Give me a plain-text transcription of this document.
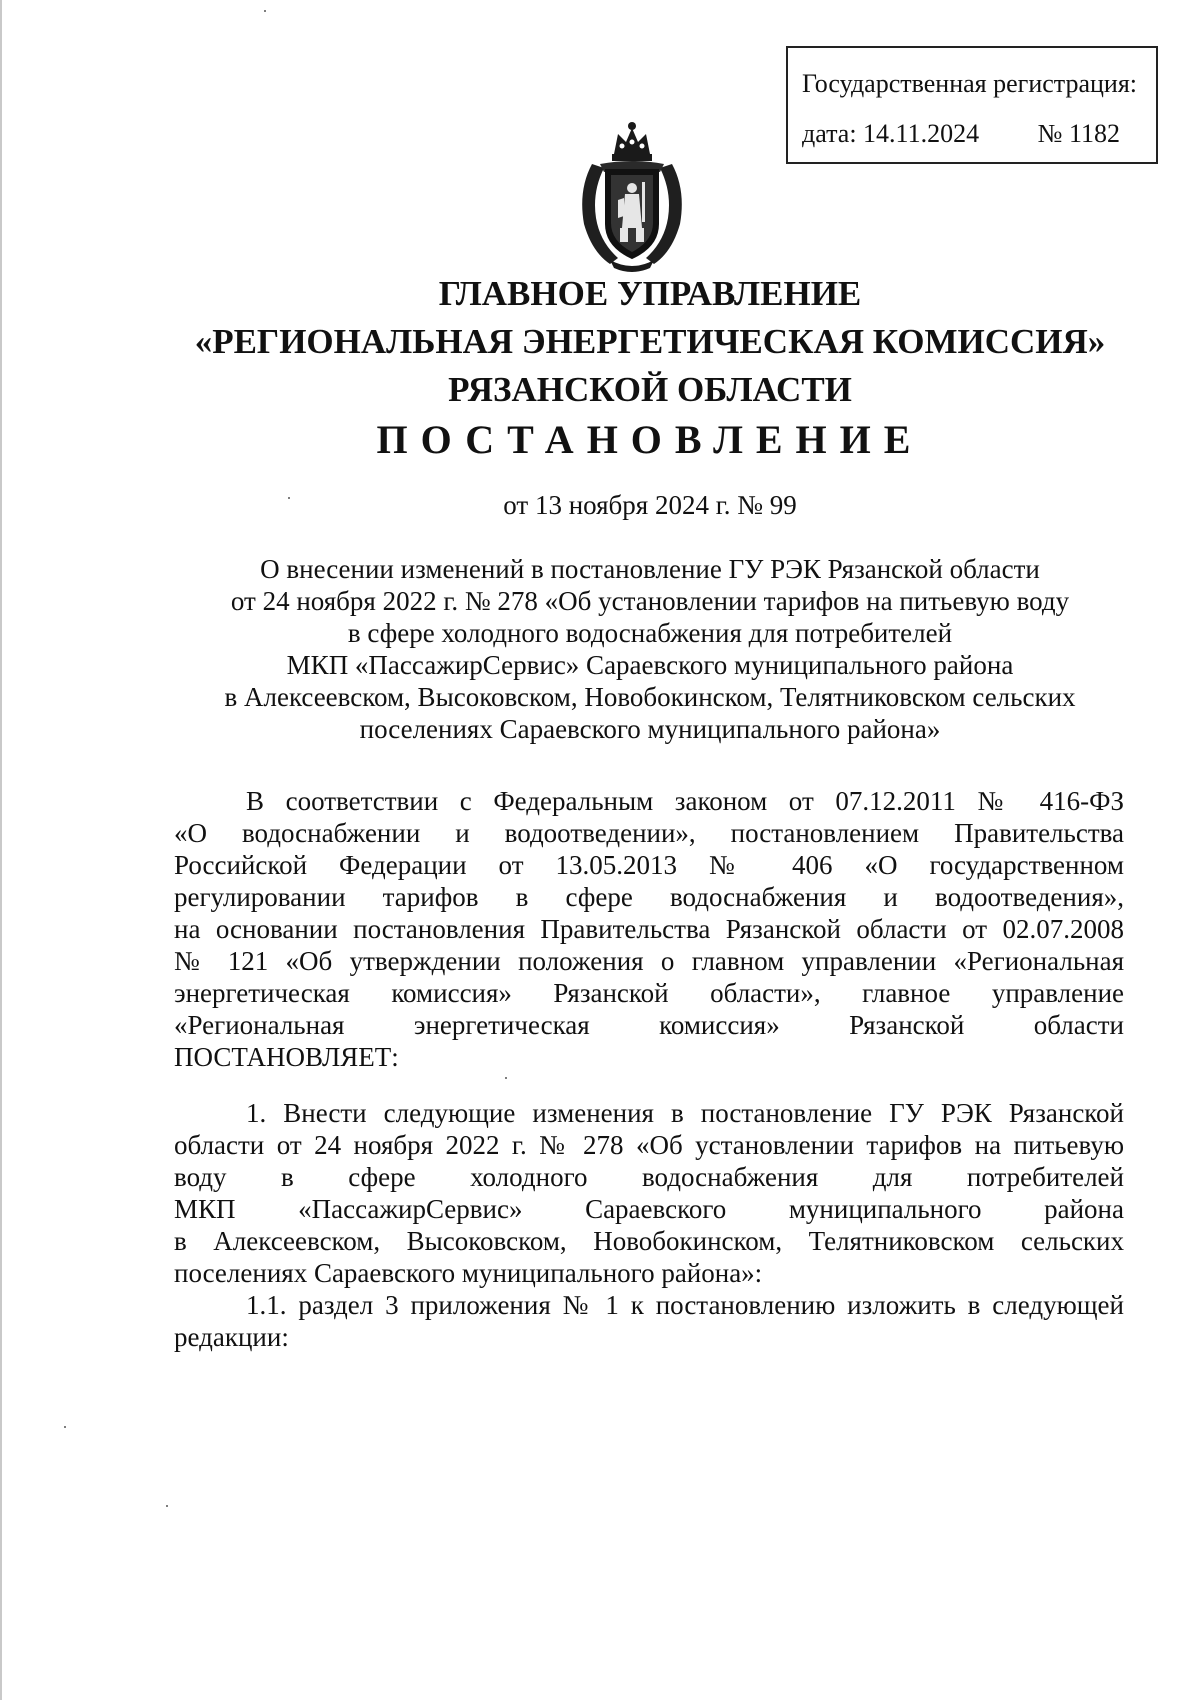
Государственная регистрация:
дата: 14.11.2024 № 1182
ГЛАВНОЕ УПРАВЛЕНИЕ
«РЕГИОНАЛЬНАЯ ЭНЕРГЕТИЧЕСКАЯ КОМИССИЯ»
РЯЗАНСКОЙ ОБЛАСТИ
ПОСТАНОВЛЕНИЕ
от 13 ноября 2024 г. № 99
О внесении изменений в постановление ГУ РЭК Рязанской области
от 24 ноября 2022 г. № 278 «Об установлении тарифов на питьевую воду
в сфере холодного водоснабжения для потребителей
МКП «ПассажирСервис» Сараевского муниципального района
в Алексеевском, Высоковском, Новобокинском, Телятниковском сельских
поселениях Сараевского муниципального района»
В соответствии с Федеральным законом от 07.12.2011 № 416-ФЗ
«О водоснабжении и водоотведении», постановлением Правительства
Российской Федерации от 13.05.2013 № 406 «О государственном
регулировании тарифов в сфере водоснабжения и водоотведения»,
на основании постановления Правительства Рязанской области от 02.07.2008
№ 121 «Об утверждении положения о главном управлении «Региональная
энергетическая комиссия» Рязанской области», главное управление
«Региональная энергетическая комиссия» Рязанской области
ПОСТАНОВЛЯЕТ:
1. Внести следующие изменения в постановление ГУ РЭК Рязанской
области от 24 ноября 2022 г. № 278 «Об установлении тарифов на питьевую
воду в сфере холодного водоснабжения для потребителей
МКП «ПассажирСервис» Сараевского муниципального района
в Алексеевском, Высоковском, Новобокинском, Телятниковском сельских
поселениях Сараевского муниципального района»:
1.1. раздел 3 приложения № 1 к постановлению изложить в следующей
редакции:
